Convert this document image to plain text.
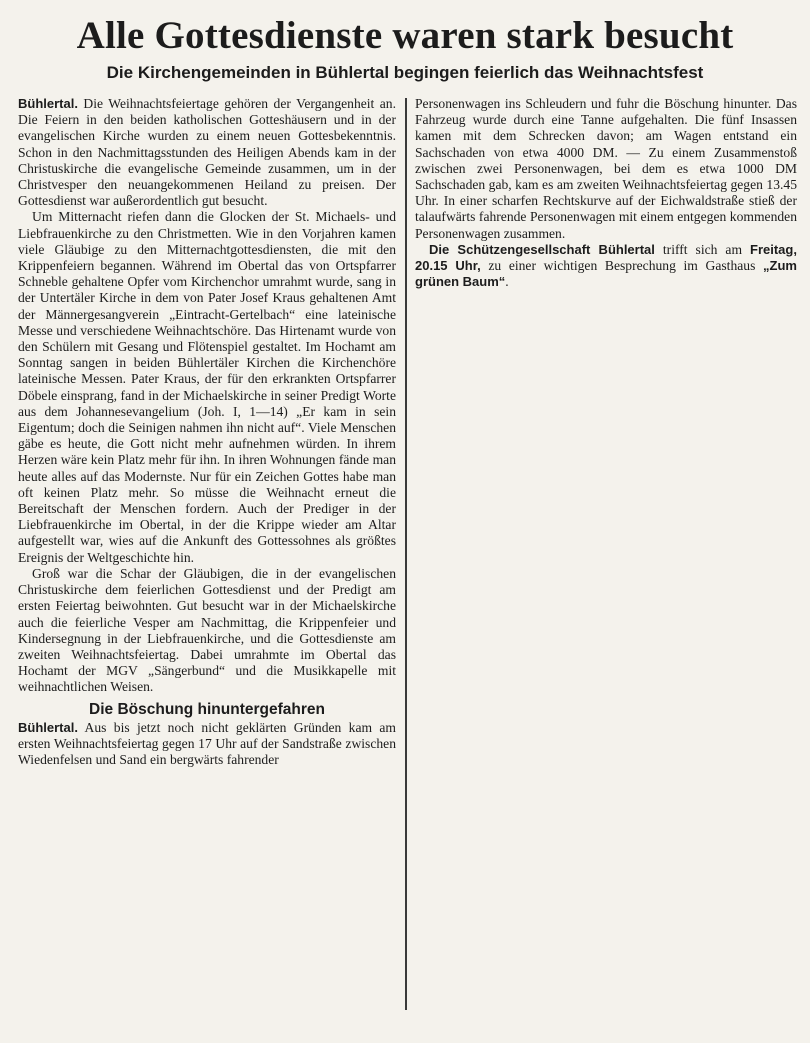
Alle Gottesdienste waren stark besucht
Die Kirchengemeinden in Bühlertal begingen feierlich das Weihnachtsfest

Bühlertal. Die Weihnachtsfeiertage gehören der Vergangenheit an. Die Feiern in den beiden katholischen Gotteshäusern und in der evangelischen Kirche wurden zu einem neuen Gottesbekenntnis. Schon in den Nachmittagsstunden des Heiligen Abends kam in der Christuskirche die evangelische Gemeinde zusammen, um in der Christvesper den neuangekommenen Heiland zu preisen. Der Gottesdienst war außerordentlich gut besucht.

Um Mitternacht riefen dann die Glocken der St. Michaels- und Liebfrauenkirche zu den Christmetten. Wie in den Vorjahren kamen viele Gläubige zu den Mitternachtgottesdiensten, die mit den Krippenfeiern begannen. Während im Obertal das von Ortspfarrer Schneble gehaltene Opfer vom Kirchenchor umrahmt wurde, sang in der Untertäler Kirche in dem von Pater Josef Kraus gehaltenen Amt der Männergesangverein „Eintracht-Gertelbach“ eine lateinische Messe und verschiedene Weihnachtschöre. Das Hirtenamt wurde von den Schülern mit Gesang und Flötenspiel gestaltet. Im Hochamt am Sonntag sangen in beiden Bühlertäler Kirchen die Kirchenchöre lateinische Messen. Pater Kraus, der für den erkrankten Ortspfarrer Döbele einsprang, fand in der Michaelskirche in seiner Predigt Worte aus dem Johannesevangelium (Joh. I, 1—14) „Er kam in sein Eigentum; doch die Seinigen nahmen ihn nicht auf“. Viele Menschen gäbe es heute, die Gott nicht mehr aufnehmen würden. In ihrem Herzen wäre kein Platz mehr für ihn. In ihren Wohnungen fände man heute alles auf das Modernste. Nur für ein Zeichen Gottes habe man oft keinen Platz mehr. So müsse die Weihnacht erneut die Bereitschaft der Menschen fordern. Auch der Prediger in der Liebfrauenkirche im Obertal, in der die Krippe wieder am Altar aufgestellt war, wies auf die Ankunft des Gottessohnes als größtes Ereignis der Weltgeschichte hin.

Groß war die Schar der Gläubigen, die in der evangelischen Christuskirche dem feierlichen Gottesdienst und der Predigt am ersten Feiertag beiwohnten. Gut besucht war in der Michaelskirche auch die feierliche Vesper am Nachmittag, die Krippenfeier und Kindersegnung in der Liebfrauenkirche, und die Gottesdienste am zweiten Weihnachtsfeiertag. Dabei umrahmte im Obertal das Hochamt der MGV „Sängerbund“ und die Musikkapelle mit weihnachtlichen Weisen.

Die Böschung hinuntergefahren

Bühlertal. Aus bis jetzt noch nicht geklärten Gründen kam am ersten Weihnachtsfeiertag gegen 17 Uhr auf der Sandstraße zwischen Wiedenfelsen und Sand ein bergwärts fahrender

Personenwagen ins Schleudern und fuhr die Böschung hinunter. Das Fahrzeug wurde durch eine Tanne aufgehalten. Die fünf Insassen kamen mit dem Schrecken davon; am Wagen entstand ein Sachschaden von etwa 4000 DM. — Zu einem Zusammenstoß zwischen zwei Personenwagen, bei dem es etwa 1000 DM Sachschaden gab, kam es am zweiten Weihnachtsfeiertag gegen 13.45 Uhr. In einer scharfen Rechtskurve auf der Eichwaldstraße stieß der talaufwärts fahrende Personenwagen mit einem entgegen kommenden Personenwagen zusammen.

Die Schützengesellschaft Bühlertal trifft sich am Freitag, 20.15 Uhr, zu einer wichtigen Besprechung im Gasthaus „Zum grünen Baum“.
